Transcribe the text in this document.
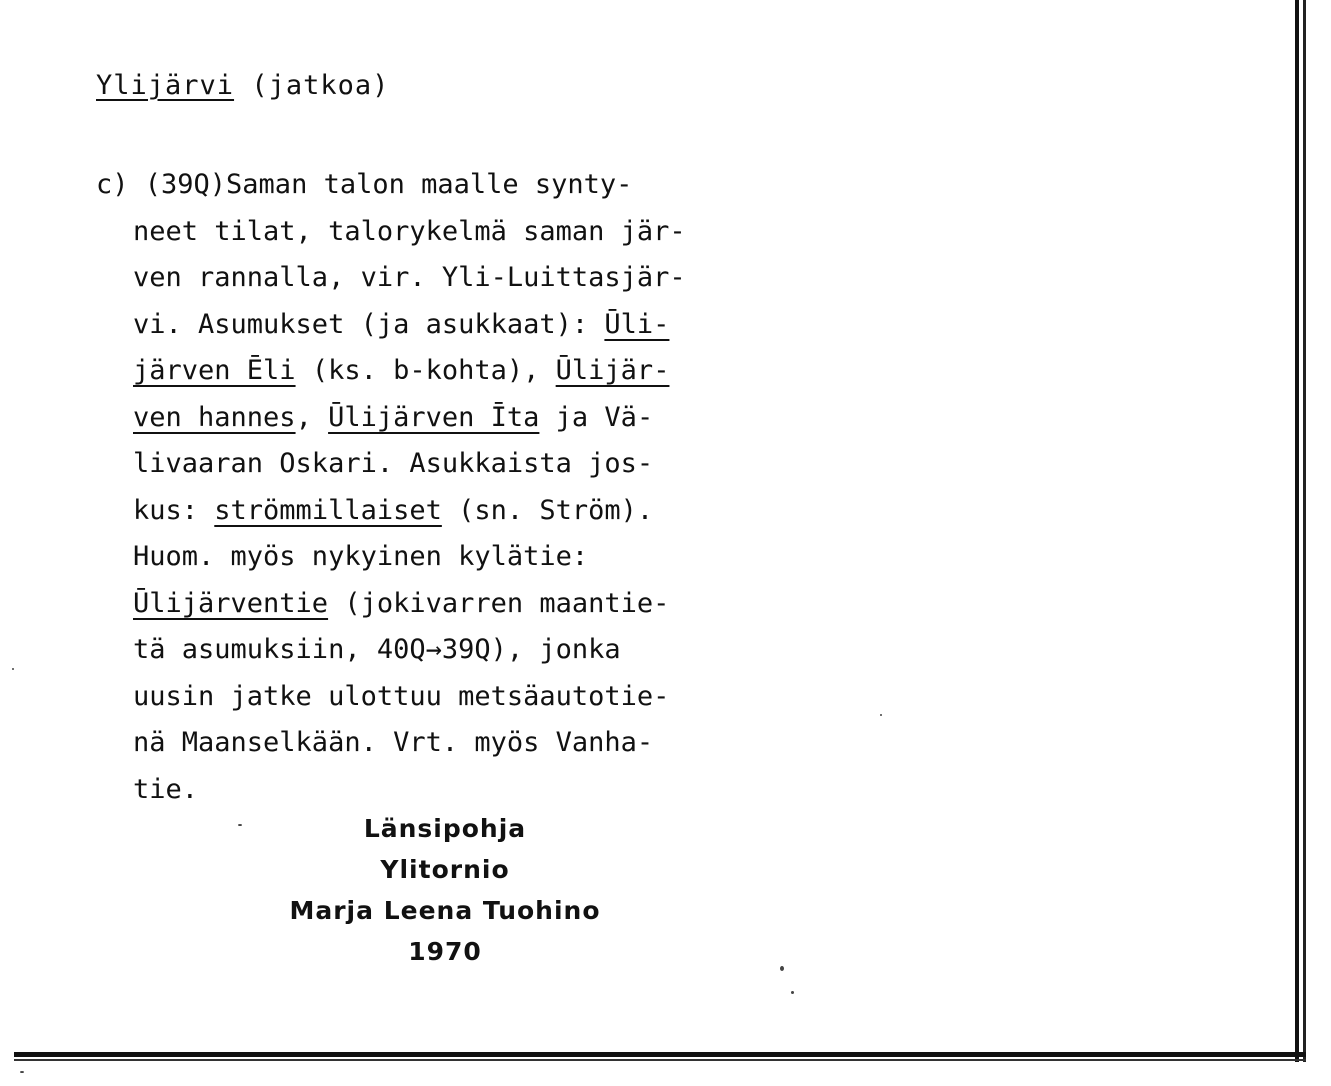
Ylijärvi (jatkoa)
c) (39Q)Saman talon maalle synty-
neet tilat, talorykelmä saman jär-
ven rannalla, vir. Yli-Luittasjär-
vi. Asumukset (ja asukkaat): Ūli-
järven Ēli (ks. b-kohta), Ūlijär-
ven hannes, Ūlijärven Īta ja Vä-
livaaran Oskari. Asukkaista jos-
kus: strömmillaiset (sn. Ström).
Huom. myös nykyinen kylätie:
Ūlijärventie (jokivarren maantie-
tä asumuksiin, 40Q→39Q), jonka
uusin jatke ulottuu metsäautotie-
nä Maanselkään. Vrt. myös Vanha-
tie.
Länsipohja
Ylitornio
Marja Leena Tuohino
1970
